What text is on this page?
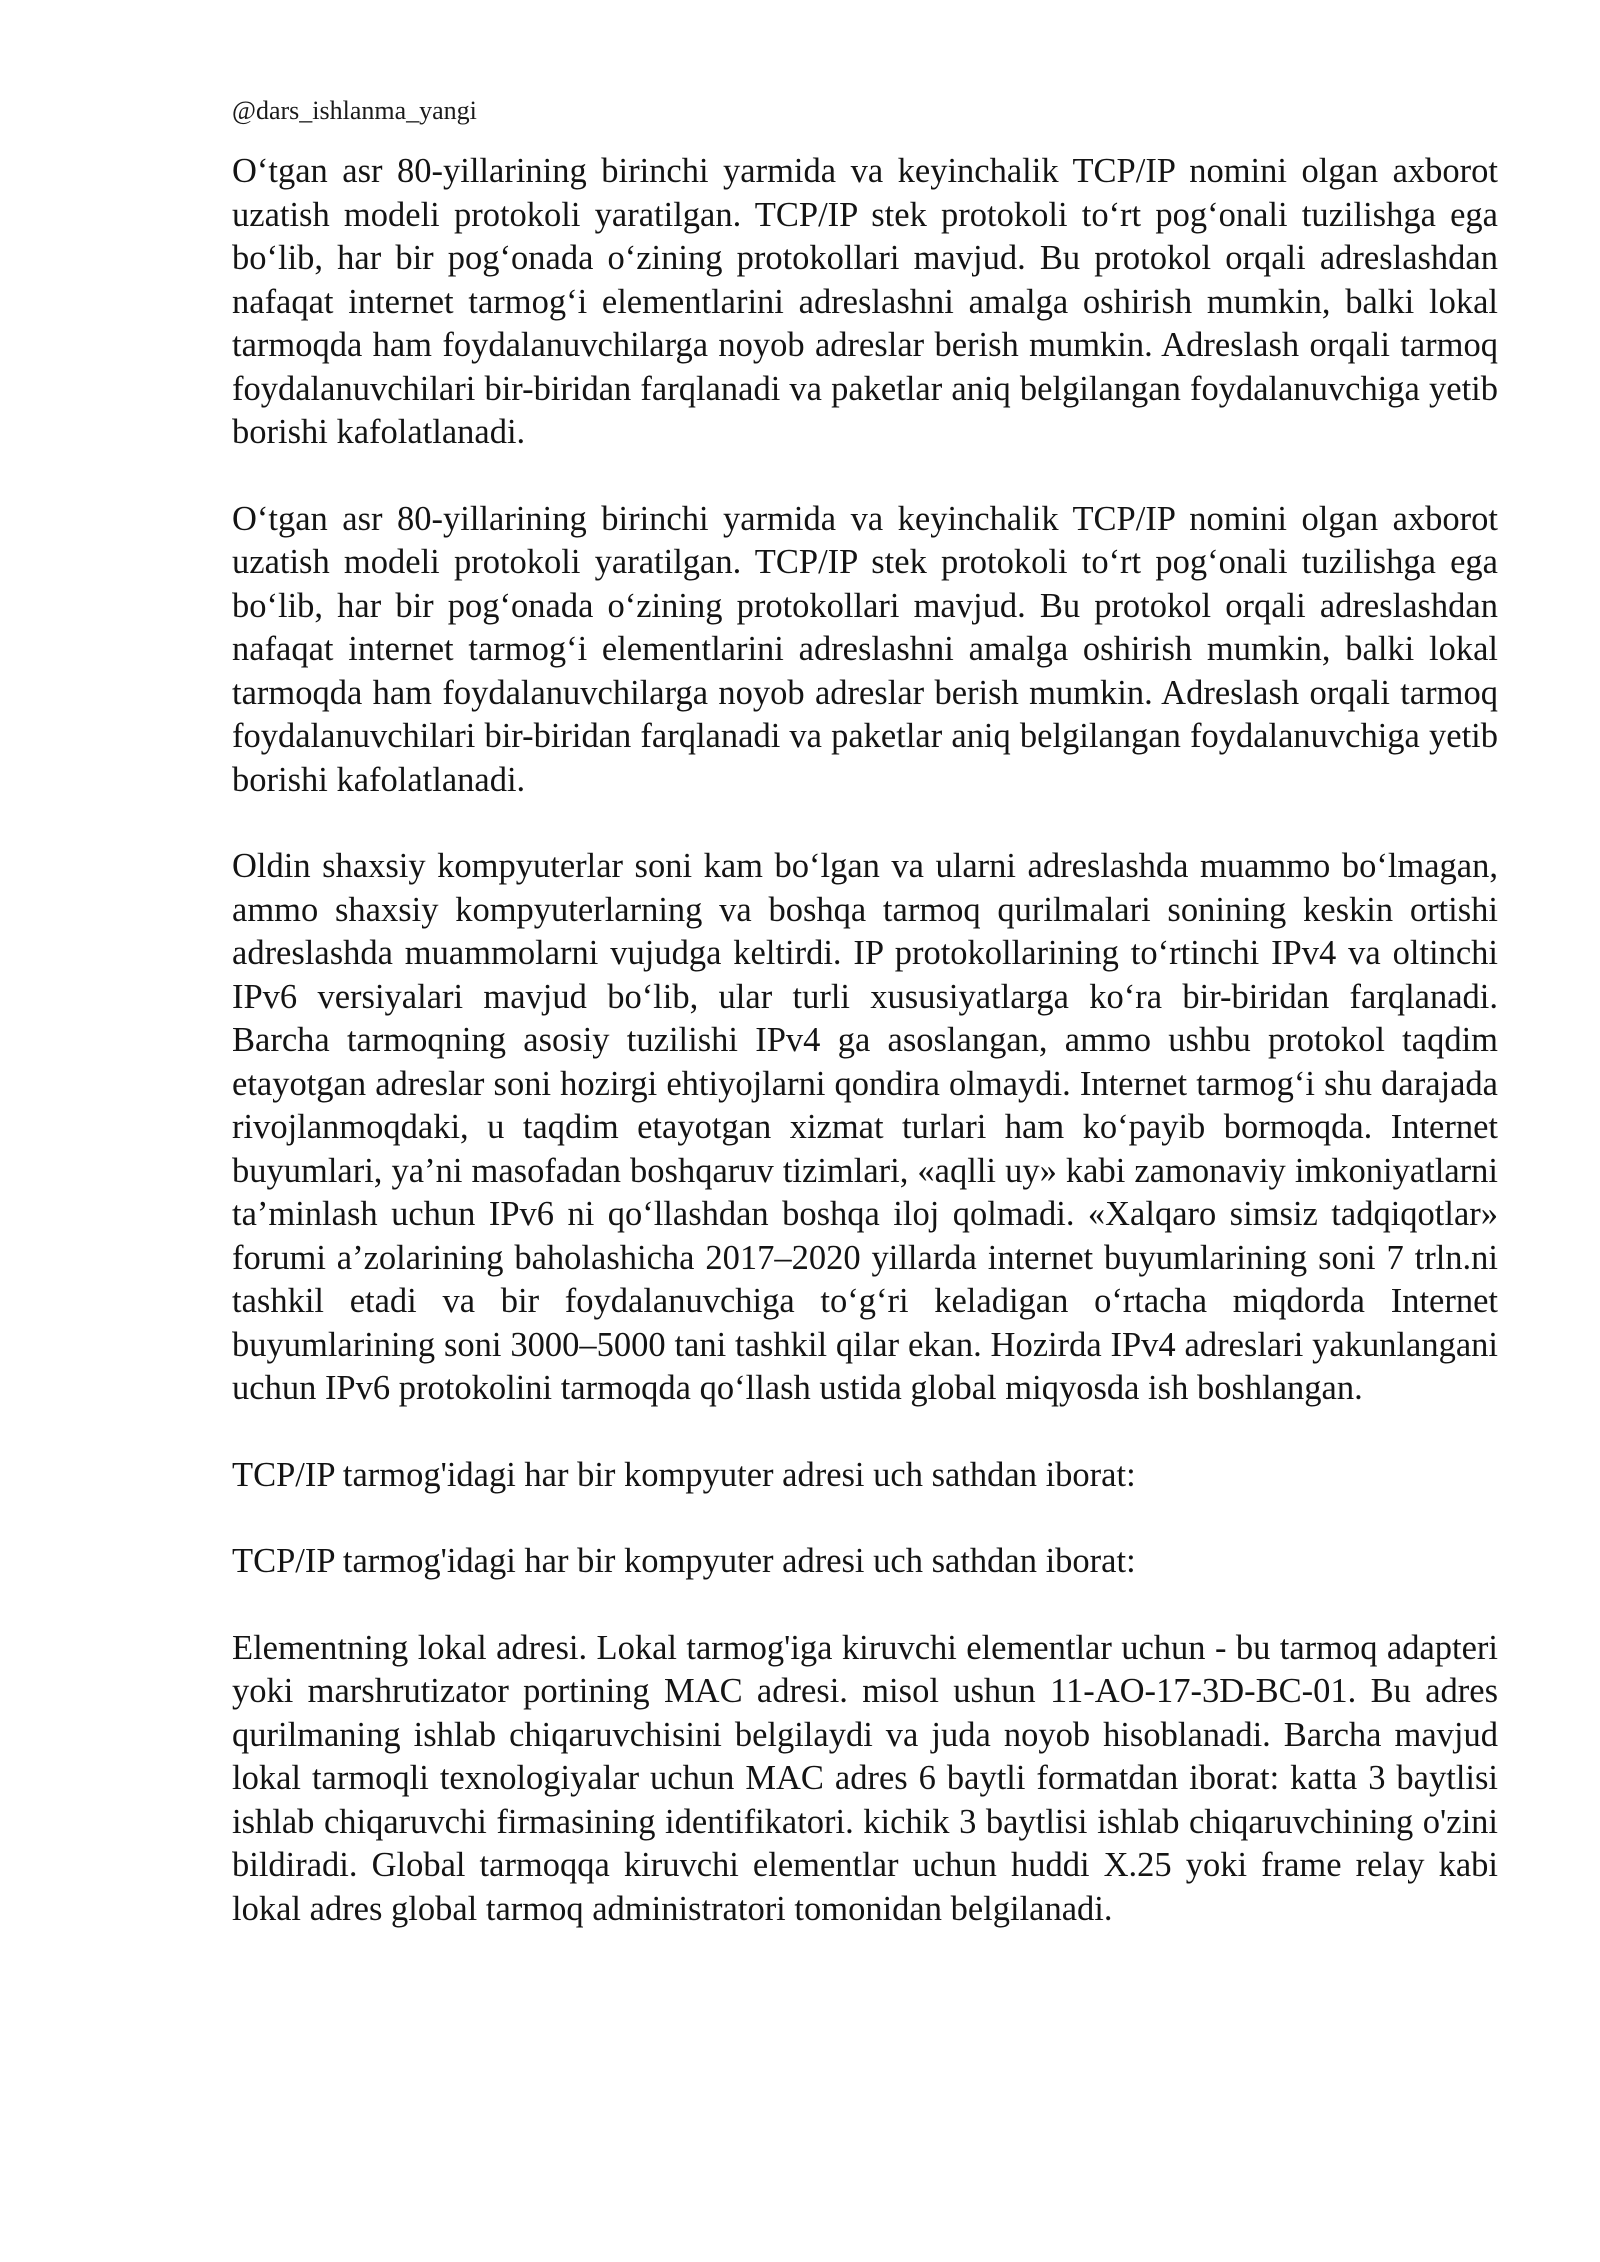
@dars_ishlanma_yangi

O‘tgan asr 80-yillarining birinchi yarmida va keyinchalik TCP/IP nomini olgan axborot uzatish modeli protokoli yaratilgan. TCP/IP stek protokoli to‘rt pog‘onali tuzilishga ega bo‘lib, har bir pog‘onada o‘zining protokollari mavjud. Bu protokol orqali adreslashdan nafaqat internet tarmog‘i elementlarini adreslashni amalga oshirish mumkin, balki lokal tarmoqda ham foydalanuvchilarga noyob adreslar berish mumkin. Adreslash orqali tarmoq foydalanuvchilari bir-biridan farqlanadi va paketlar aniq belgilangan foydalanuvchiga yetib borishi kafolatlanadi.

O‘tgan asr 80-yillarining birinchi yarmida va keyinchalik TCP/IP nomini olgan axborot uzatish modeli protokoli yaratilgan. TCP/IP stek protokoli to‘rt pog‘onali tuzilishga ega bo‘lib, har bir pog‘onada o‘zining protokollari mavjud. Bu protokol orqali adreslashdan nafaqat internet tarmog‘i elementlarini adreslashni amalga oshirish mumkin, balki lokal tarmoqda ham foydalanuvchilarga noyob adreslar berish mumkin. Adreslash orqali tarmoq foydalanuvchilari bir-biridan farqlanadi va paketlar aniq belgilangan foydalanuvchiga yetib borishi kafolatlanadi.

Oldin shaxsiy kompyuterlar soni kam bo‘lgan va ularni adreslashda muammo bo‘lmagan, ammo shaxsiy kompyuterlarning va boshqa tarmoq qurilmalari sonining keskin ortishi adreslashda muammolarni vujudga keltirdi. IP protokollarining to‘rtinchi IPv4 va oltinchi IPv6 versiyalari mavjud bo‘lib, ular turli xususiyatlarga ko‘ra bir-biridan farqlanadi. Barcha tarmoqning asosiy tuzilishi IPv4 ga asoslangan, ammo ushbu protokol taqdim etayotgan adreslar soni hozirgi ehtiyojlarni qondira olmaydi. Internet tarmog‘i shu darajada rivojlanmoqdaki, u taqdim etayotgan xizmat turlari ham ko‘payib bormoqda. Internet buyumlari, ya’ni masofadan boshqaruv tizimlari, «aqlli uy» kabi zamonaviy imkoniyatlarni ta’minlash uchun IPv6 ni qo‘llashdan boshqa iloj qolmadi. «Xalqaro simsiz tadqiqotlar» forumi a’zolarining baholashicha 2017–2020 yillarda internet buyumlarining soni 7 trln.ni tashkil etadi va bir foydalanuvchiga to‘g‘ri keladigan o‘rtacha miqdorda Internet buyumlarining soni 3000–5000 tani tashkil qilar ekan. Hozirda IPv4 adreslari yakunlangani uchun IPv6 protokolini tarmoqda qo‘llash ustida global miqyosda ish boshlangan.

TCP/IP tarmog'idagi har bir kompyuter adresi uch sathdan iborat:

TCP/IP tarmog'idagi har bir kompyuter adresi uch sathdan iborat:

Elementning lokal adresi. Lokal tarmog'iga kiruvchi elementlar uchun - bu tarmoq adapteri yoki marshrutizator portining MAC adresi. misol ushun 11-AO-17-3D-BC-01. Bu adres qurilmaning ishlab chiqaruvchisini belgilaydi va juda noyob hisoblanadi. Barcha mavjud lokal tarmoqli texnologiyalar uchun MAC adres 6 baytli formatdan iborat: katta 3 baytlisi ishlab chiqaruvchi firmasining identifikatori. kichik 3 baytlisi ishlab chiqaruvchining o'zini bildiradi. Global tarmoqqa kiruvchi elementlar uchun huddi X.25 yoki frame relay kabi lokal adres global tarmoq administratori tomonidan belgilanadi.
